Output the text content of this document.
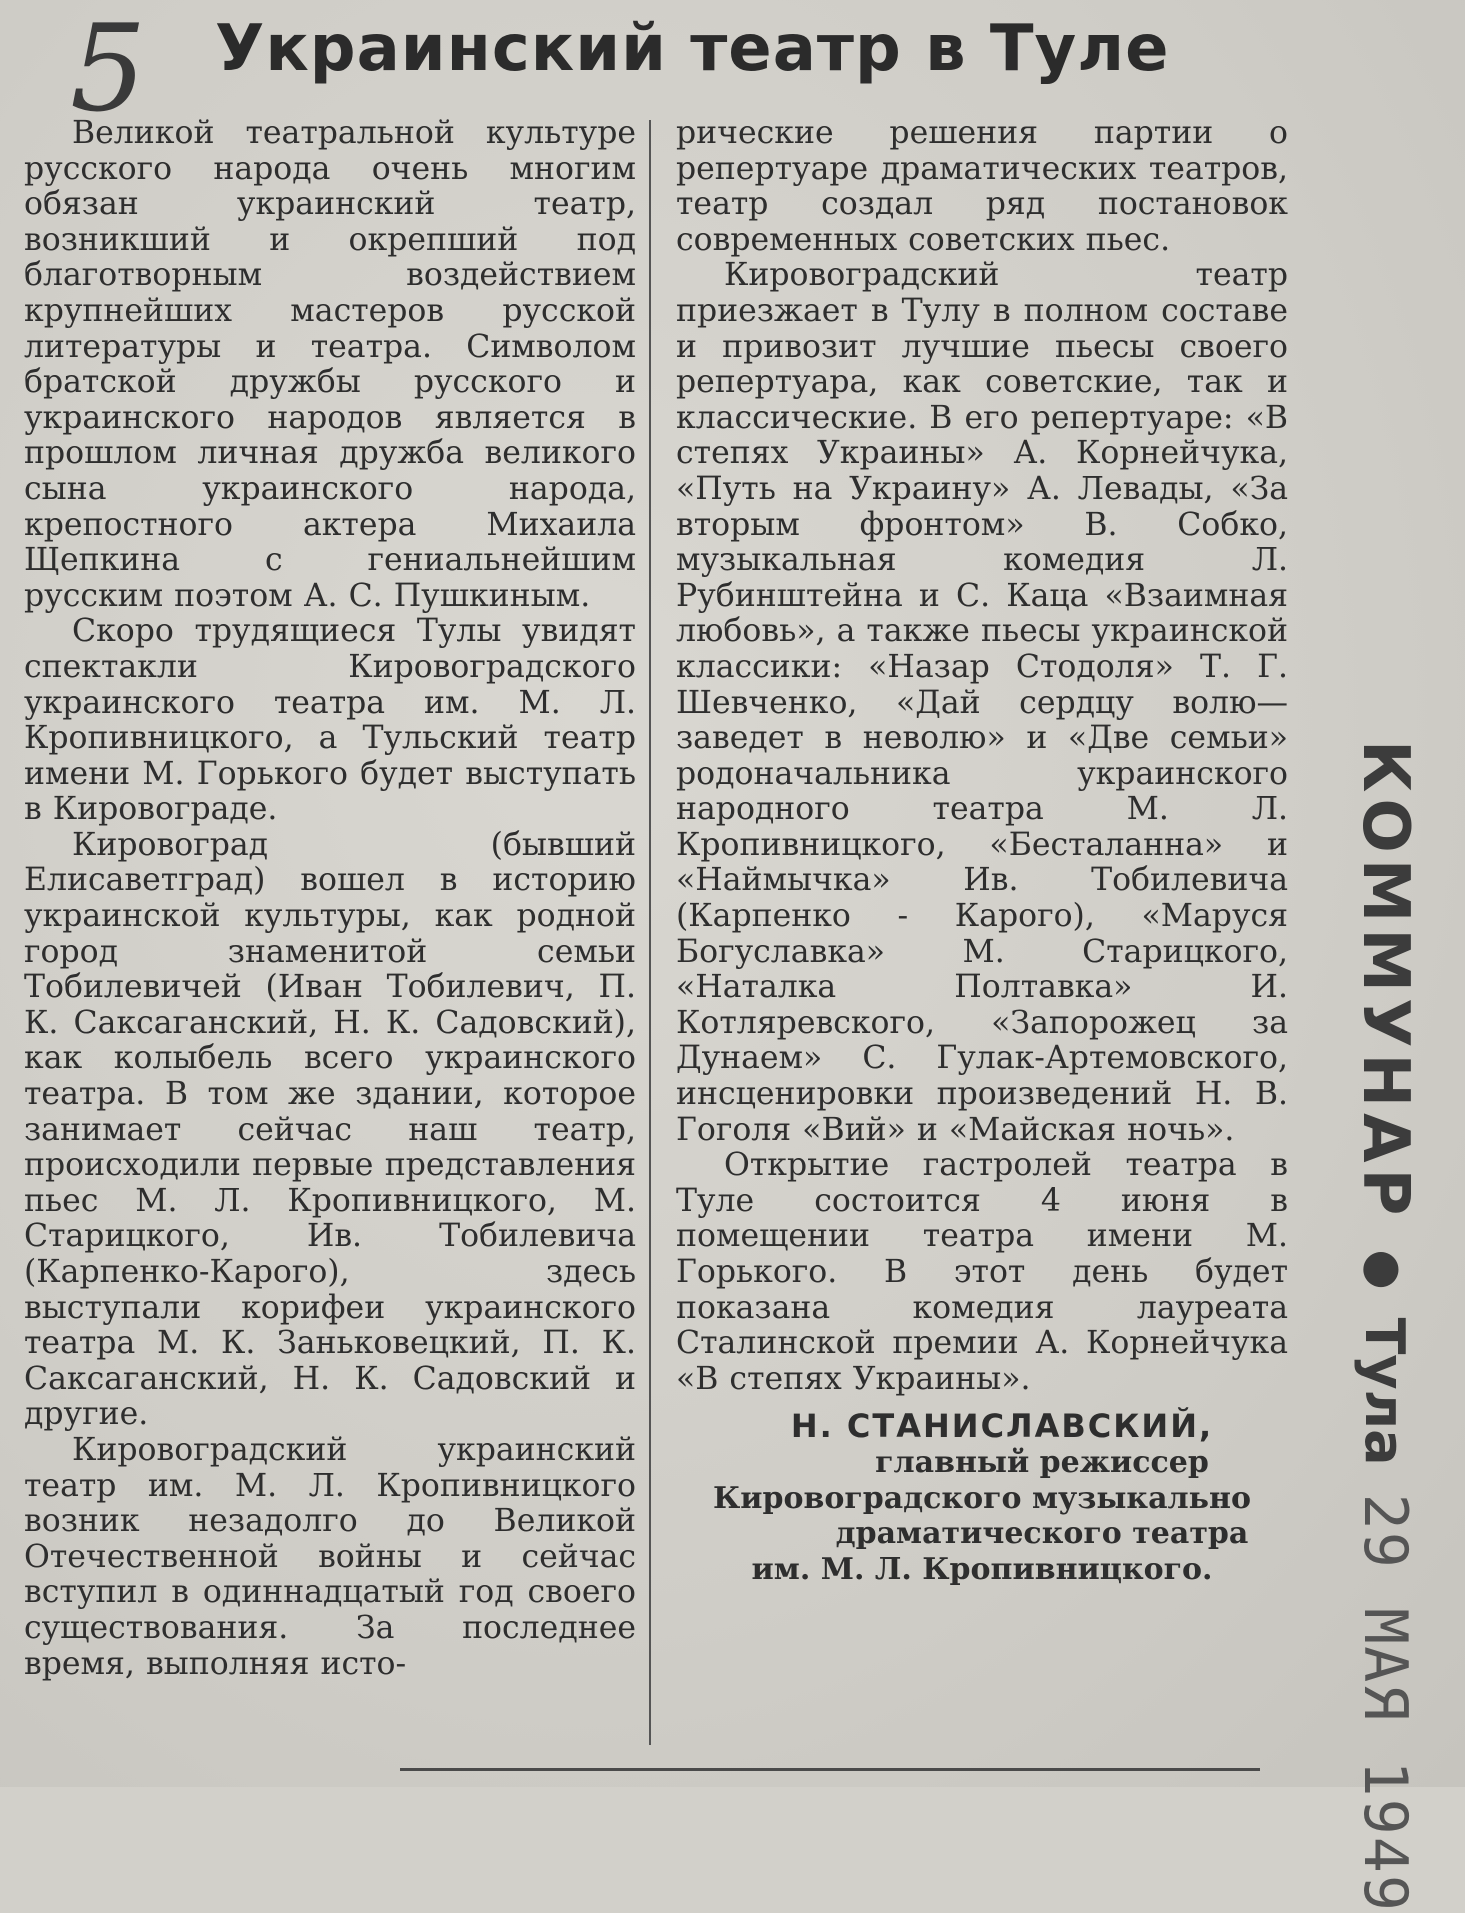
5 Украинский театр в Туле

Великой театральной культуре русского народа очень многим обязан украинский театр, возникший и окрепший под благотворным воздействием крупнейших мастеров русской литературы и театра. Символом братской дружбы русского и украинского народов является в прошлом личная дружба великого сына украинского народа, крепостного актера Михаила Щепкина с гениальнейшим русским поэтом А. С. Пушкиным.

Скоро трудящиеся Тулы увидят спектакли Кировоградского украинского театра им. М. Л. Кропивницкого, а Тульский театр имени М. Горького будет выступать в Кировограде.

Кировоград (бывший Елисаветград) вошел в историю украинской культуры, как родной город знаменитой семьи Тобилевичей (Иван Тобилевич, П. К. Саксаганский, Н. К. Садовский), как колыбель всего украинского театра. В том же здании, которое занимает сейчас наш театр, происходили первые представления пьес М. Л. Кропивницкого, М. Старицкого, Ив. Тобилевича (Карпенко-Карого), здесь выступали корифеи украинского театра М. К. Заньковецкий, П. К. Саксаганский, Н. К. Садовский и другие.

Кировоградский украинский театр им. М. Л. Кропивницкого возник незадолго до Великой Отечественной войны и сейчас вступил в одиннадцатый год своего существования. За последнее время, выполняя исто-

рические решения партии о репертуаре драматических театров, театр создал ряд постановок современных советских пьес.

Кировоградский театр приезжает в Тулу в полном составе и привозит лучшие пьесы своего репертуара, как советские, так и классические. В его репертуаре: «В степях Украины» А. Корнейчука, «Путь на Украину» А. Левады, «За вторым фронтом» В. Собко, музыкальная комедия Л. Рубинштейна и С. Каца «Взаимная любовь», а также пьесы украинской классики: «Назар Стодоля» Т. Г. Шевченко, «Дай сердцу волю—заведет в неволю» и «Две семьи» родоначальника украинского народного театра М. Л. Кропивницкого, «Бесталанна» и «Наймычка» Ив. Тобилевича (Карпенко - Карого), «Маруся Богуславка» М. Старицкого, «Наталка Полтавка» И. Котляревского, «Запорожец за Дунаем» С. Гулак-Артемовского, инсценировки произведений Н. В. Гоголя «Вий» и «Майская ночь».

Открытие гастролей театра в Туле состоится 4 июня в помещении театра имени М. Горького. В этот день будет показана комедия лауреата Сталинской премии А. Корнейчука «В степях Украины».

Н. СТАНИСЛАВСКИЙ,
главный режиссер
Кировоградского музыкально
драматического театра
им. М. Л. Кропивницкого.
КОММУНАР
●
Тула
29 МАЯ 1949
